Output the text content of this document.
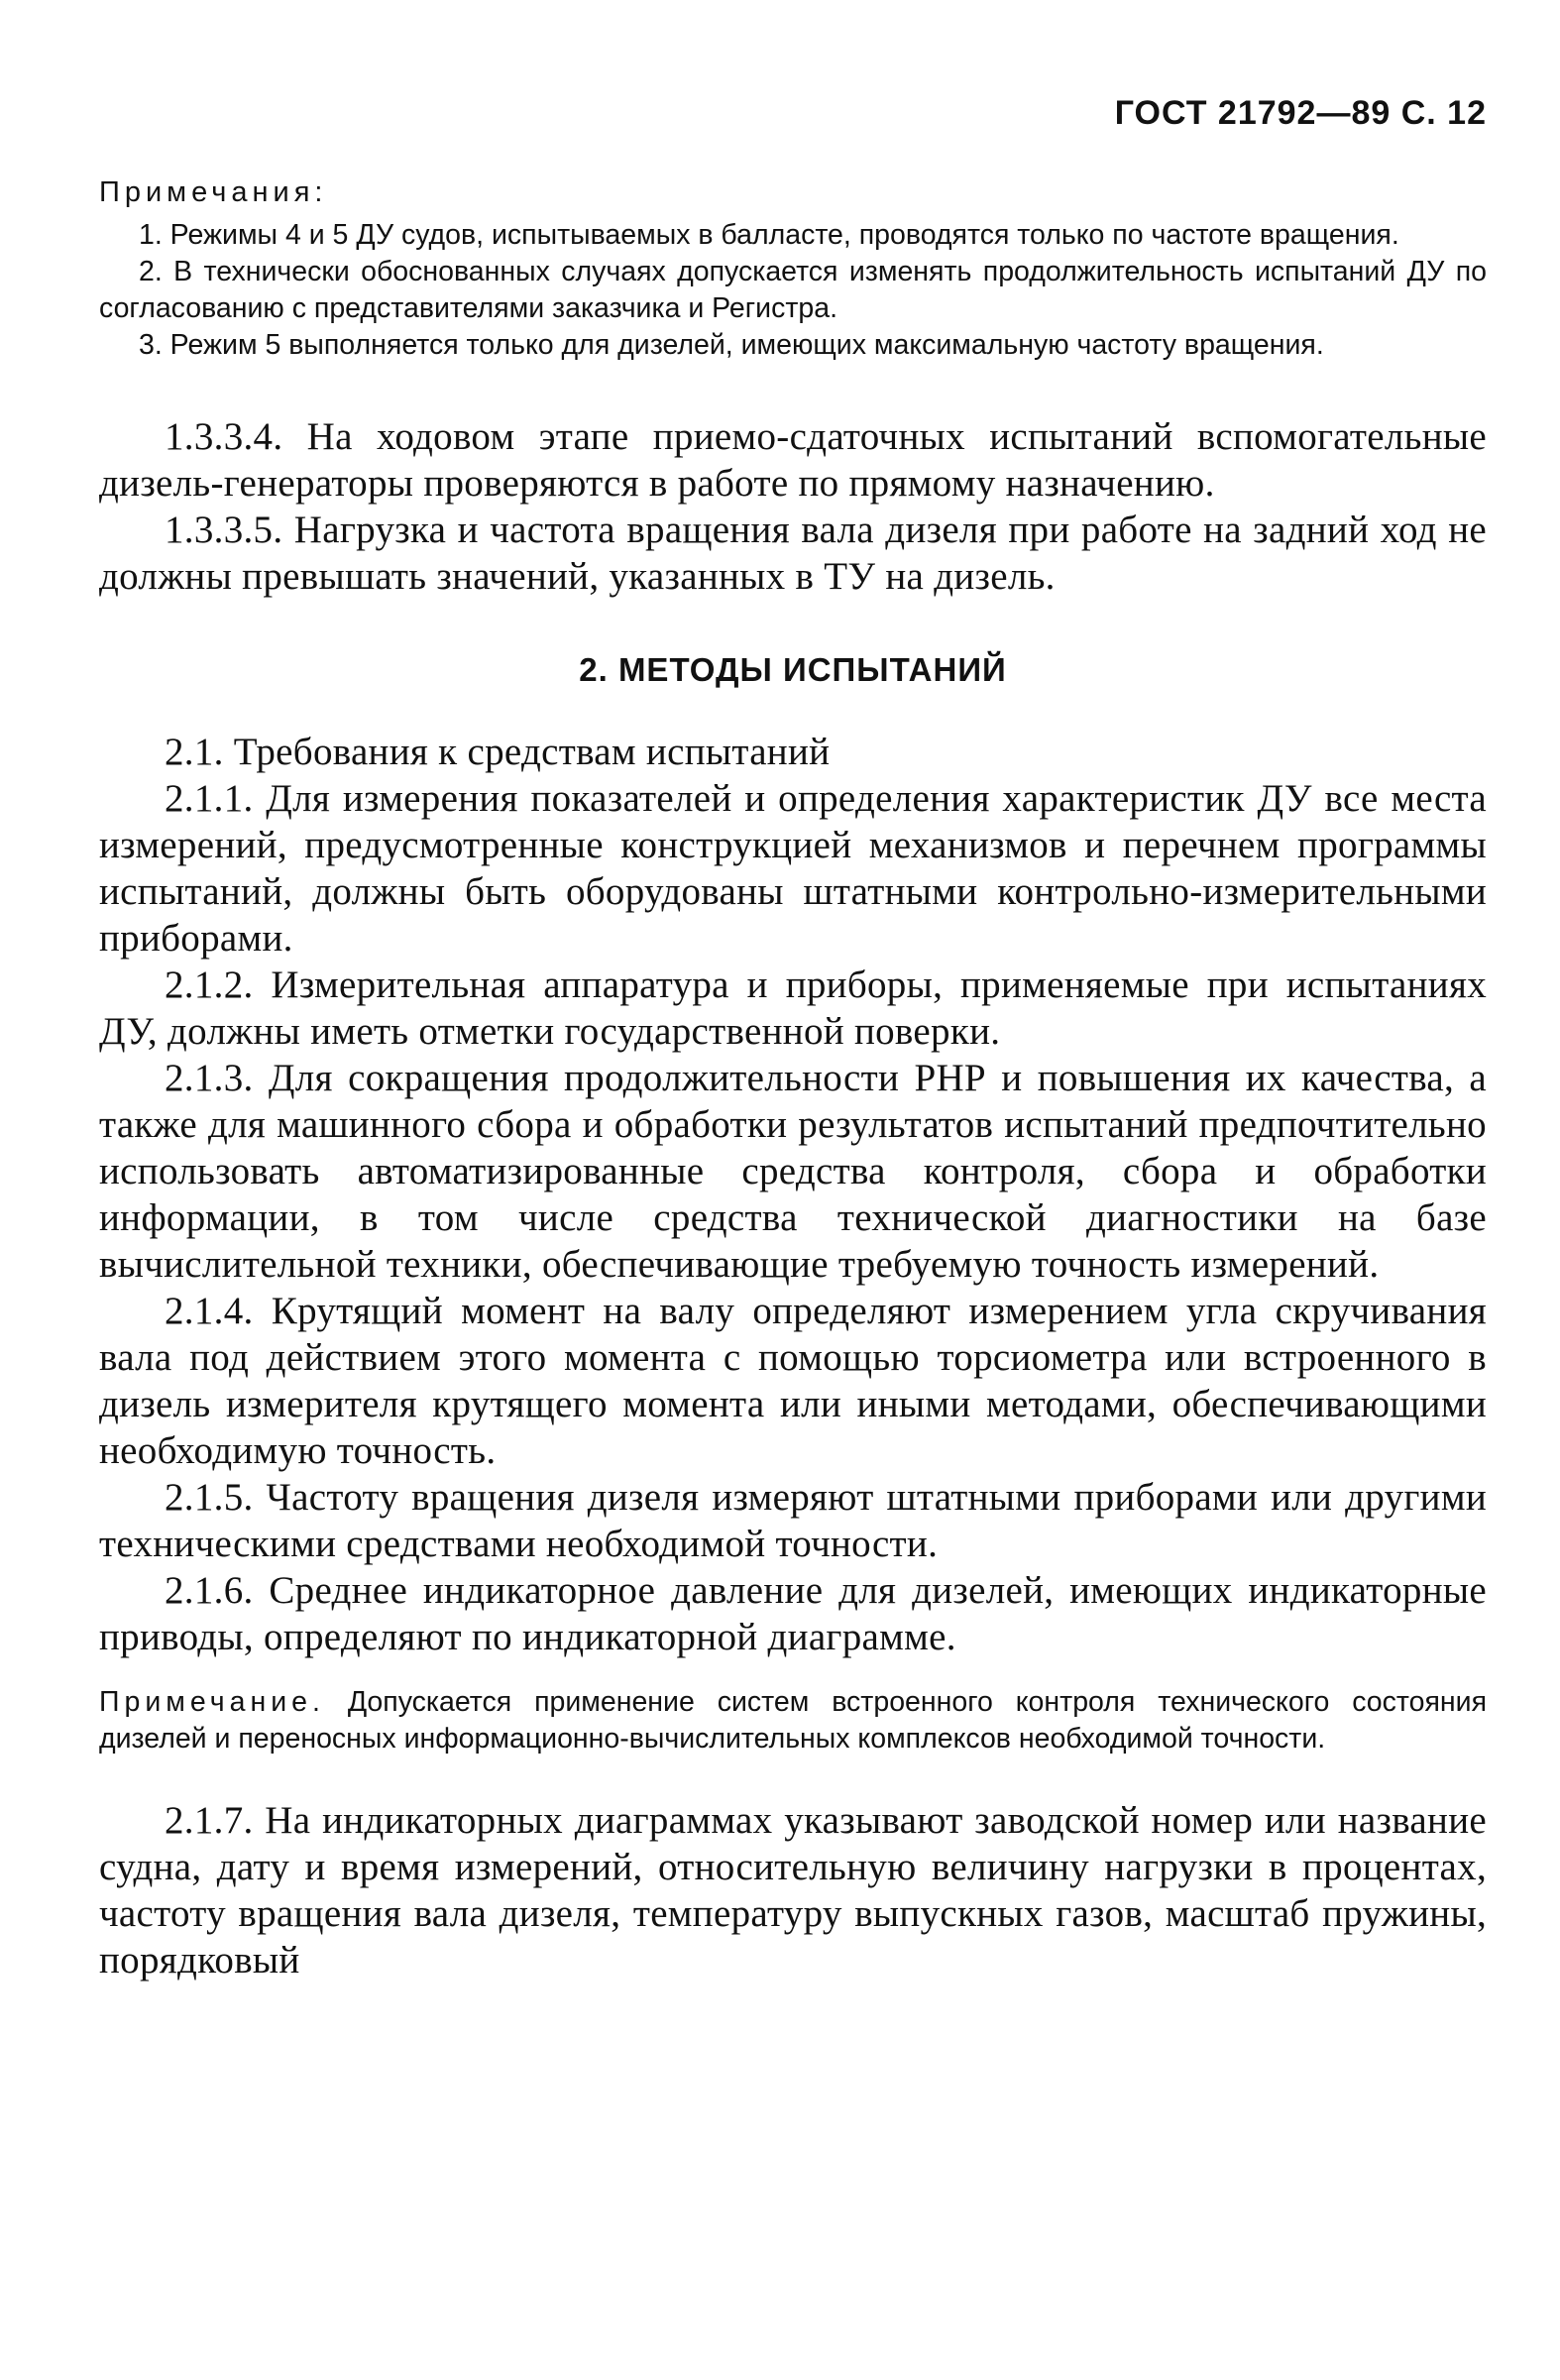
ГОСТ 21792—89 С. 12
Примечания:

1. Режимы 4 и 5 ДУ судов, испытываемых в балласте, проводятся только по частоте вращения.

2. В технически обоснованных случаях допускается изменять продолжительность испытаний ДУ по согласованию с представителями заказчика и Регистра.

3. Режим 5 выполняется только для дизелей, имеющих максимальную частоту вращения.

1.3.3.4. На ходовом этапе приемо-сдаточных испытаний вспомогательные дизель-генераторы проверяются в работе по прямому назначению.

1.3.3.5. Нагрузка и частота вращения вала дизеля при работе на задний ход не должны превышать значений, указанных в ТУ на дизель.

2. МЕТОДЫ ИСПЫТАНИЙ

2.1. Требования к средствам испытаний

2.1.1. Для измерения показателей и определения характеристик ДУ все места измерений, предусмотренные конструкцией механизмов и перечнем программы испытаний, должны быть оборудованы штатными контрольно-измерительными приборами.

2.1.2. Измерительная аппаратура и приборы, применяемые при испытаниях ДУ, должны иметь отметки государственной поверки.

2.1.3. Для сокращения продолжительности РНР и повышения их качества, а также для машинного сбора и обработки результатов испытаний предпочтительно использовать автоматизированные средства контроля, сбора и обработки информации, в том числе средства технической диагностики на базе вычислительной техники, обеспечивающие требуемую точность измерений.

2.1.4. Крутящий момент на валу определяют измерением угла скручивания вала под действием этого момента с помощью торсиометра или встроенного в дизель измерителя крутящего момента или иными методами, обеспечивающими необходимую точность.

2.1.5. Частоту вращения дизеля измеряют штатными приборами или другими техническими средствами необходимой точности.

2.1.6. Среднее индикаторное давление для дизелей, имеющих индикаторные приводы, определяют по индикаторной диаграмме.

Примечание. Допускается применение систем встроенного контроля технического состояния дизелей и переносных информационно-вычислительных комплексов необходимой точности.

2.1.7. На индикаторных диаграммах указывают заводской номер или название судна, дату и время измерений, относительную величину нагрузки в процентах, частоту вращения вала дизеля, температуру выпускных газов, масштаб пружины, порядковый
